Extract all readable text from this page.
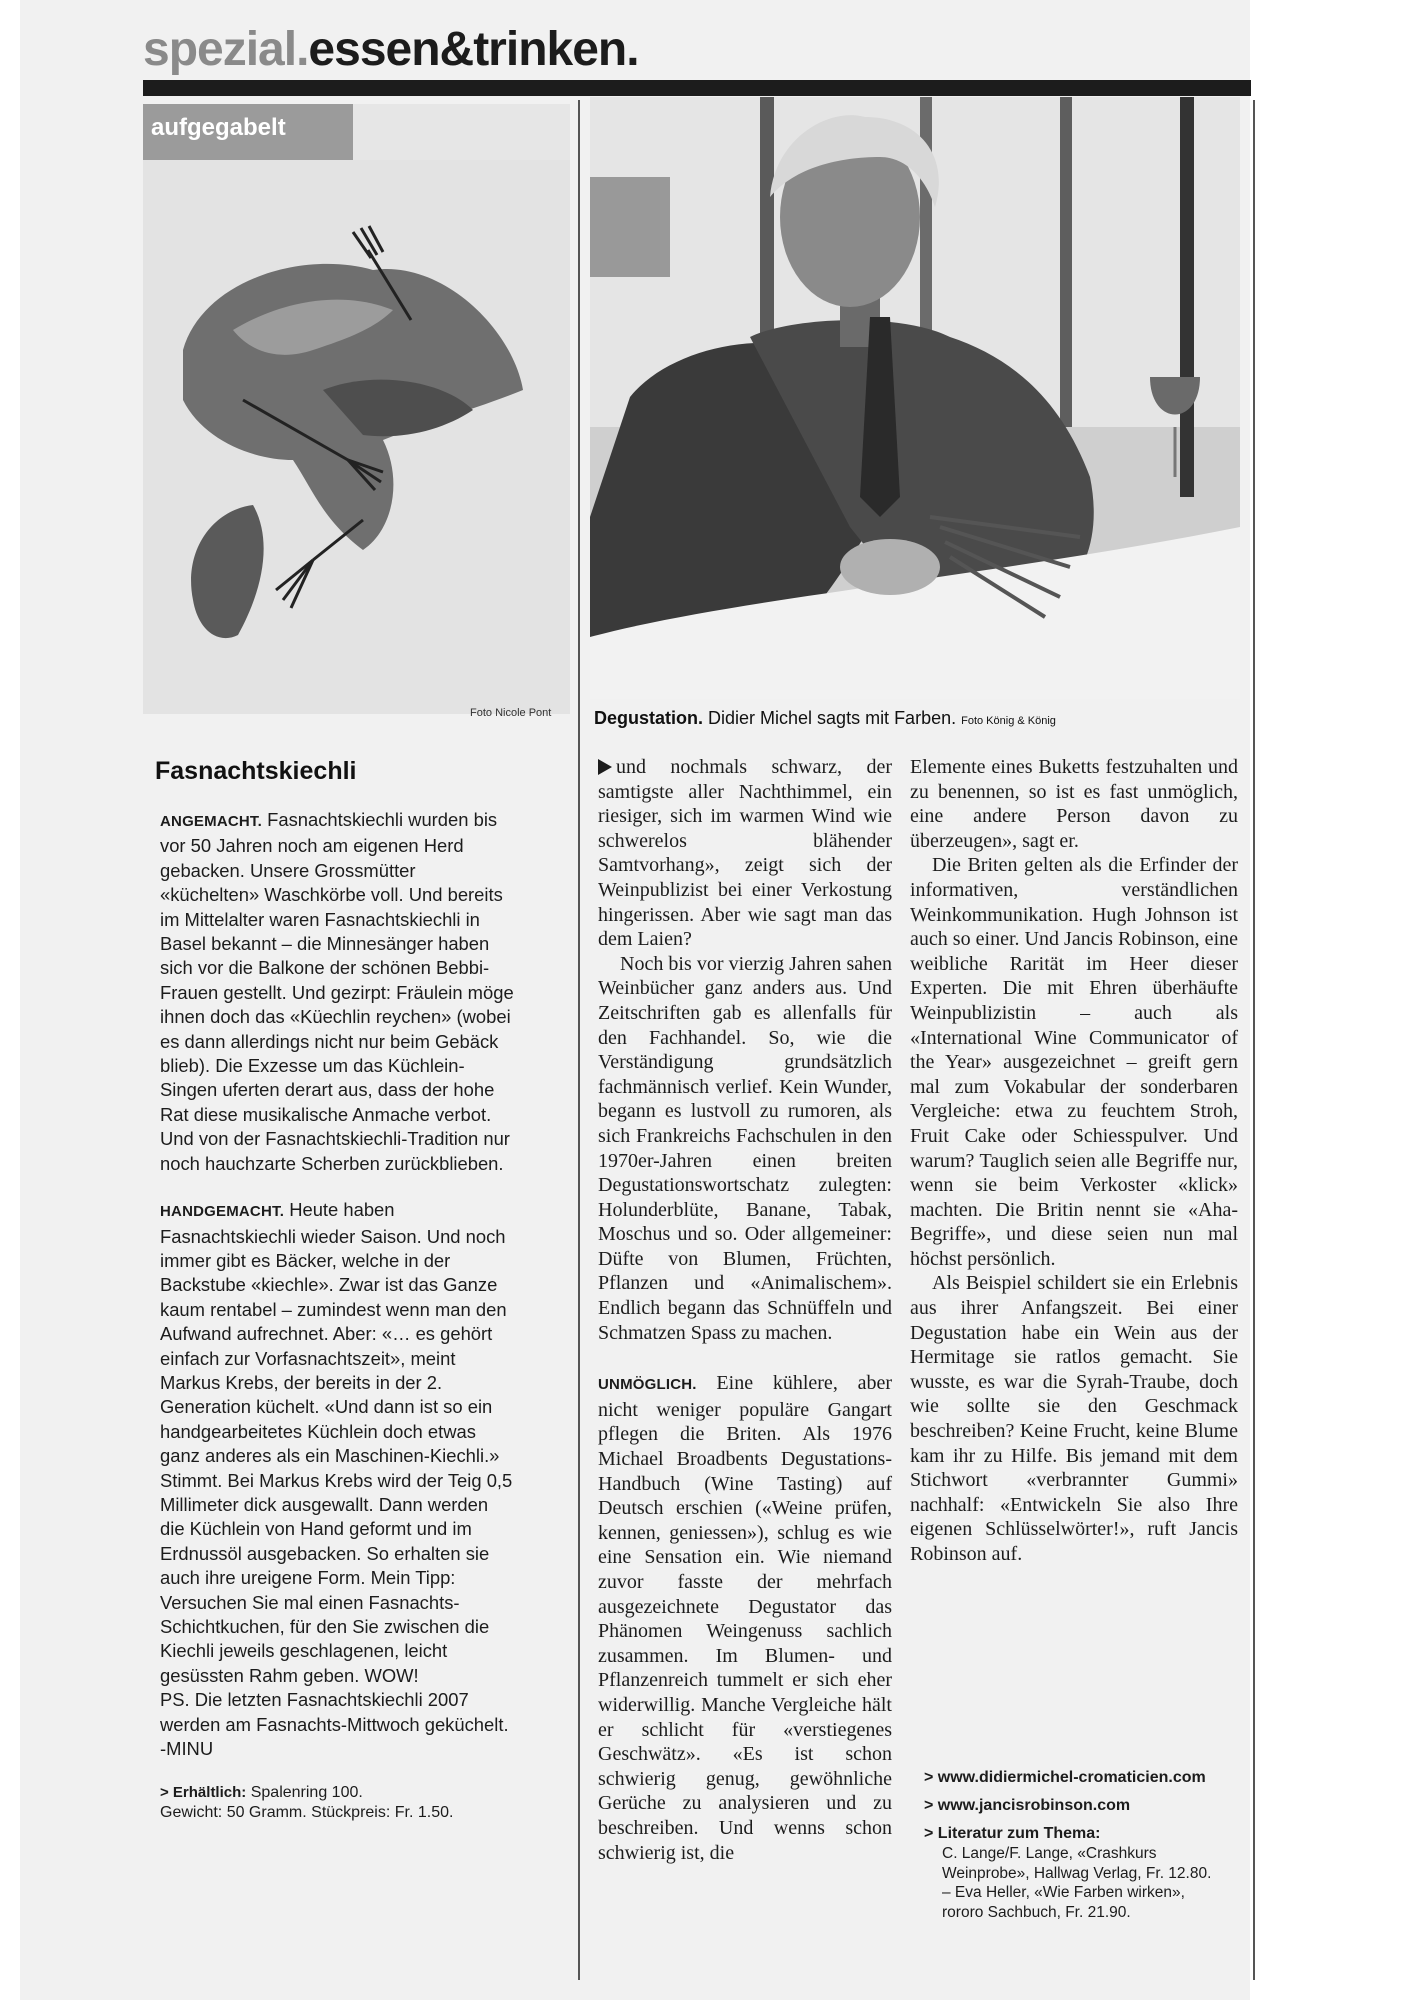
spezial.essen&trinken.
aufgegabelt
Foto Nicole Pont Degustation. Didier Michel sagts mit Farben. Foto König & König
Fasnachtskiechli

ANGEMACHT. Fasnachtskiechli wurden bis vor 50 Jahren noch am eigenen Herd gebacken. Unsere Grossmütter «küchelten» Waschkörbe voll. Und bereits im Mittelalter waren Fasnachtskiechli in Basel bekannt – die Minnesänger haben sich vor die Balkone der schönen Bebbi-Frauen gestellt. Und gezirpt: Fräulein möge ihnen doch das «Küechlin reychen» (wobei es dann allerdings nicht nur beim Gebäck blieb). Die Exzesse um das Küchlein-Singen uferten derart aus, dass der hohe Rat diese musikalische Anmache verbot. Und von der Fasnachtskiechli-Tradition nur noch hauchzarte Scherben zurückblieben.

HANDGEMACHT. Heute haben Fasnachtskiechli wieder Saison. Und noch immer gibt es Bäcker, welche in der Backstube «kiechle». Zwar ist das Ganze kaum rentabel – zumindest wenn man den Aufwand aufrechnet. Aber: «… es gehört einfach zur Vorfasnachtszeit», meint Markus Krebs, der bereits in der 2. Generation küchelt. «Und dann ist so ein handgearbeitetes Küchlein doch etwas ganz anderes als ein Maschinen-Kiechli.»

Stimmt. Bei Markus Krebs wird der Teig 0,5 Millimeter dick ausgewallt. Dann werden die Küchlein von Hand geformt und im Erdnussöl ausgebacken. So erhalten sie auch ihre ureigene Form. Mein Tipp: Versuchen Sie mal einen Fasnachts-Schichtkuchen, für den Sie zwischen die Kiechli jeweils geschlagenen, leicht gesüssten Rahm geben. WOW!

PS. Die letzten Fasnachtskiechli 2007 werden am Fasnachts-Mittwoch geküchelt. -MINU

> Erhältlich: Spalenring 100.
Gewicht: 50 Gramm. Stückpreis: Fr. 1.50.

und nochmals schwarz, der samtigste aller Nachthimmel, ein riesiger, sich im warmen Wind wie schwerelos blähender Samtvorhang», zeigt sich der Weinpublizist bei einer Verkostung hingerissen. Aber wie sagt man das dem Laien?

Noch bis vor vierzig Jahren sahen Weinbücher ganz anders aus. Und Zeitschriften gab es allenfalls für den Fachhandel. So, wie die Verständigung grundsätzlich fachmännisch verlief. Kein Wunder, begann es lustvoll zu rumoren, als sich Frankreichs Fachschulen in den 1970er-Jahren einen breiten Degustationswortschatz zulegten: Holunderblüte, Banane, Tabak, Moschus und so. Oder allgemeiner: Düfte von Blumen, Früchten, Pflanzen und «Animalischem». Endlich begann das Schnüffeln und Schmatzen Spass zu machen.

UNMÖGLICH. Eine kühlere, aber nicht weniger populäre Gangart pflegen die Briten. Als 1976 Michael Broadbents Degustations-Handbuch (Wine Tasting) auf Deutsch erschien («Weine prüfen, kennen, geniessen»), schlug es wie eine Sensation ein. Wie niemand zuvor fasste der mehrfach ausgezeichnete Degustator das Phänomen Weingenuss sachlich zusammen. Im Blumen- und Pflanzenreich tummelt er sich eher widerwillig. Manche Vergleiche hält er schlicht für «verstiegenes Geschwätz». «Es ist schon schwierig genug, gewöhnliche Gerüche zu analysieren und zu beschreiben. Und wenns schon schwierig ist, die

Elemente eines Buketts festzuhalten und zu benennen, so ist es fast unmöglich, eine andere Person davon zu überzeugen», sagt er.

Die Briten gelten als die Erfinder der informativen, verständlichen Weinkommunikation. Hugh Johnson ist auch so einer. Und Jancis Robinson, eine weibliche Rarität im Heer dieser Experten. Die mit Ehren überhäufte Weinpublizistin – auch als «International Wine Communicator of the Year» ausgezeichnet – greift gern mal zum Vokabular der sonderbaren Vergleiche: etwa zu feuchtem Stroh, Fruit Cake oder Schiesspulver. Und warum? Tauglich seien alle Begriffe nur, wenn sie beim Verkoster «klick» machten. Die Britin nennt sie «Aha-Begriffe», und diese seien nun mal höchst persönlich.

Als Beispiel schildert sie ein Erlebnis aus ihrer Anfangszeit. Bei einer Degustation habe ein Wein aus der Hermitage sie ratlos gemacht. Sie wusste, es war die Syrah-Traube, doch wie sollte sie den Geschmack beschreiben? Keine Frucht, keine Blume kam ihr zu Hilfe. Bis jemand mit dem Stichwort «verbrannter Gummi» nachhalf: «Entwickeln Sie also Ihre eigenen Schlüsselwörter!», ruft Jancis Robinson auf.

> www.didiermichel-cromaticien.com
> www.jancisrobinson.com
> Literatur zum Thema:
C. Lange/F. Lange, «Crashkurs Weinprobe», Hallwag Verlag, Fr. 12.80. – Eva Heller, «Wie Farben wirken», rororo Sachbuch, Fr. 21.90.
